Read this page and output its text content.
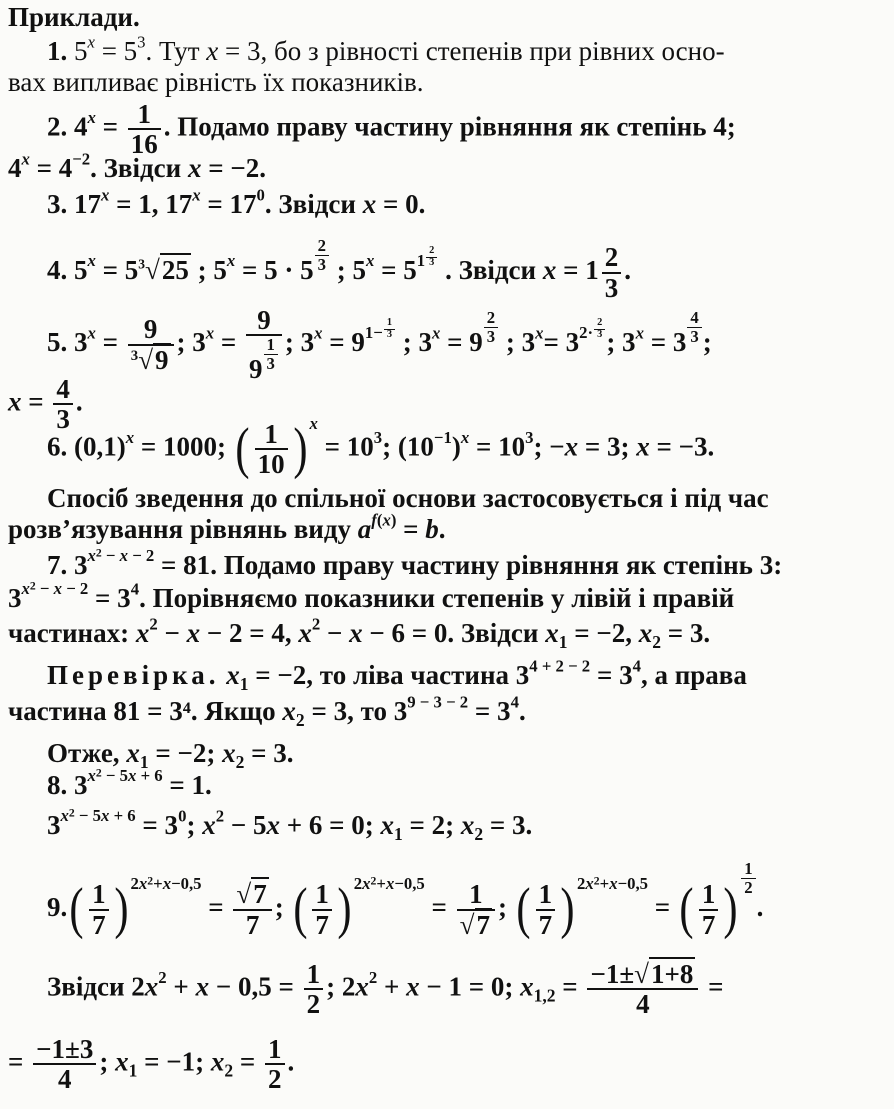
Приклади.
1. $5^x = 5^3$. Тут x = 3, бо з рівності степенів при рівних осно-
вах випливає рівність їх показників.
2. $4^x = \frac{1}{16}$ . Подамо праву частину рівняння як степінь 4;
$4^x = 4^{-2}$. Звідси x = −2.
3. $17^x = 1$, $17^x = 17^0$. Звідси x = 0.
4. $5^x = 5^3√25$ ; $5^x = 5 \cdot 5 \frac{2}{3}$ ; $5^x = 5^{1 \frac{2}{3}}$ . Звідси $x = 1 \frac{2}{3}$ .
5. $3^x = \frac{9}{^3√9}$ ; $3^x = \frac{9}{9 \frac{1}{3}}$ ; $3^x = 9^{1- \frac{1}{3}}$ ; $3^x = 9 \frac{2}{3}$ ; $3^x= 3^{2\cdot \frac{2}{3}}$ ; $3^x = 3 \frac{4}{3}$ ;
$x = \frac{4}{3}$ .
6. $(0,1)^x = 1000$; ( $\frac{1}{10}$ ) $^x = 10^3$; $(10^{-1})^x = 10^3$; −x = 3; x = −3.
Спосіб зведення до спільної основи застосовується і під час
розв’язування рівнянь виду $a^{f(x)} = b$.
7. $3^{x^2 - x - 2} = 81$. Подамо праву частину рівняння як степінь 3:
$3^{x^2 - x - 2} = 3^4$. Порівняємо показники степенів у лівій і правій
частинах: $x^2 - x - 2 = 4$, $x^2 - x - 6 = 0$. Звідси $x_1 = -2$, $x_2 = 3$.
Перевірка. $x_1 = -2$, то ліва частина $3^{4 + 2 - 2} = 3^4$, а права
частина 81 = 3⁴. Якщо $x_2 = 3$, то $3^{9 - 3 - 2} = 3^4$.
Отже, $x_1 = -2$; $x_2 = 3$.
8. $3^{x^2 - 5x + 6} = 1$.
$3^{x^2 - 5x + 6} = 3^0$; $x^2 - 5x + 6 = 0$; $x_1 = 2$; $x_2 = 3$.
$9.( \frac{1}{7}$ ) $^{2x^2+x-0,5} = \frac{√7}{7}$ ; ( $\frac{1}{7}$ ) $^{2x^2+x-0,5} = \frac{1}{√7}$ ; ( $\frac{1}{7}$ ) $^{2x^2+x-0,5}$ = ( $\frac{1}{7}$ ) $\frac{1}{2}$
.
Звідси $2x^2 + x - 0,5 = \frac{1}{2}$ ; $2x^2 + x - 1 = 0$; $x_{1,2} = \frac{-1\pm√1+8}{4}$ =
= $\frac{-1\pm 3}{4}$ ; $x_1 = -1$; $x_2 = \frac{1}{2}$ .
